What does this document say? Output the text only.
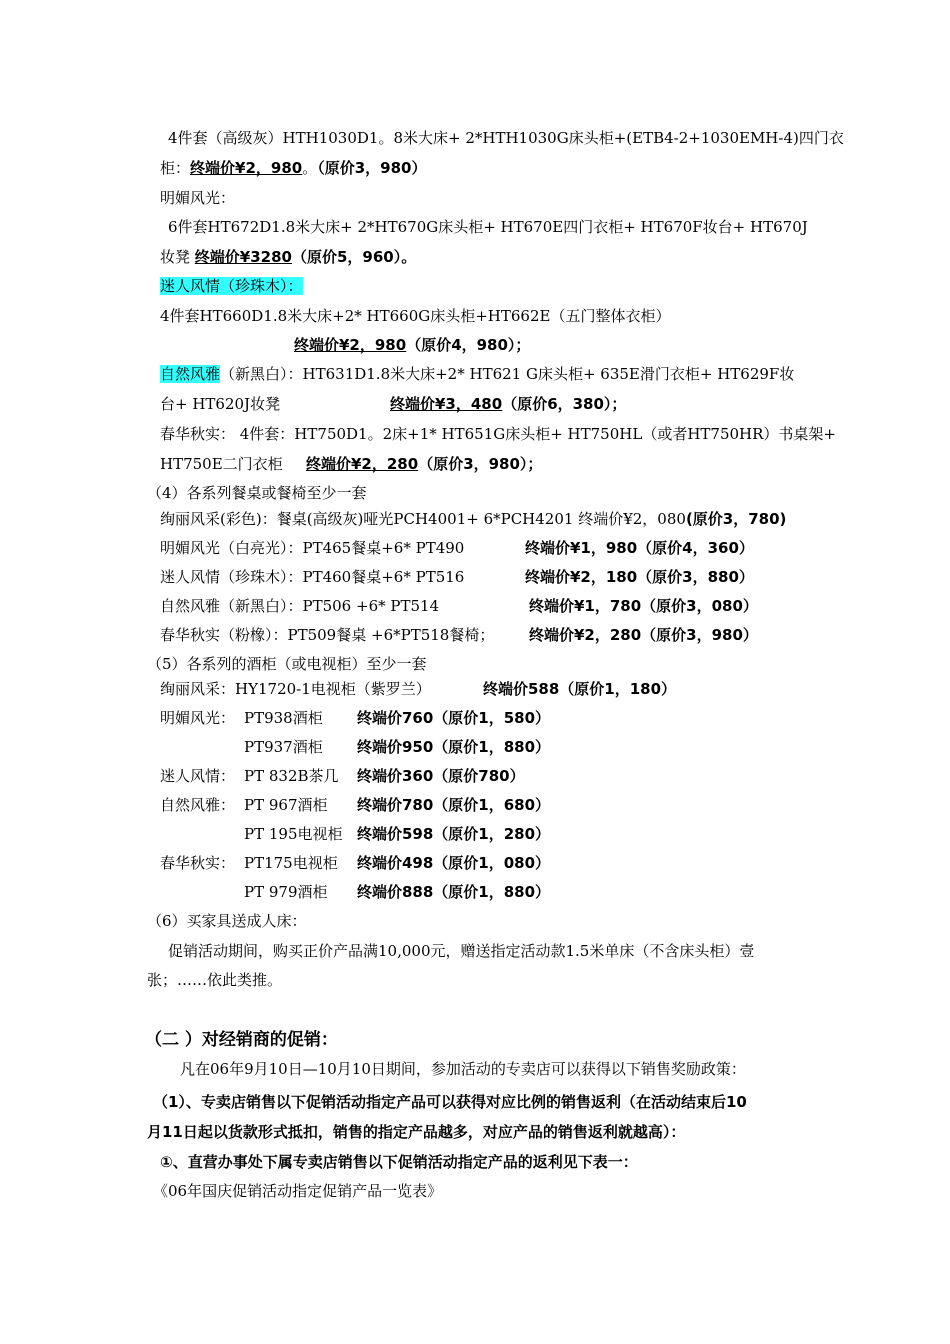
4件套（高级灰）HTH1030D1。8米大床+ 2*HTH1030G床头柜+(ETB4-2+1030EMH-4)四门衣
柜：终端价¥2，980。（原价3，980）
明媚风光：
6件套HT672D1.8米大床+ 2*HT670G床头柜+ HT670E四门衣柜+ HT670F妆台+ HT670J
妆凳 终端价¥3280（原价5，960）。
迷人风情（珍珠木）：
4件套HT660D1.8米大床+2* HT660G床头柜+HT662E（五门整体衣柜）
终端价¥2，980（原价4，980）；
自然风雅（新黑白）：HT631D1.8米大床+2* HT621 G床头柜+ 635E滑门衣柜+ HT629F妆
台+ HT620J妆凳	终端价¥3，480（原价6，380）；
春华秋实： 4件套：HT750D1。2床+1* HT651G床头柜+ HT750HL（或者HT750HR）书桌架+
HT750E二门衣柜 终端价¥2，280（原价3，980）；
（4）各系列餐桌或餐椅至少一套
绚丽风采(彩色)：餐桌(高级灰)哑光PCH4001+ 6*PCH4201 终端价¥2，080(原价3，780)
明媚风光（白亮光）：PT465餐桌+6* PT490	终端价¥1，980（原价4，360）
迷人风情（珍珠木）：PT460餐桌+6* PT516	终端价¥2，180（原价3，880）
自然风雅（新黑白）：PT506 +6* PT514	终端价¥1，780（原价3，080）
春华秋实（粉橡）：PT509餐桌 +6*PT518餐椅； 终端价¥2，280（原价3，980）
（5）各系列的酒柜（或电视柜）至少一套
绚丽风采：HY1720-1电视柜（紫罗兰）	终端价588（原价1，180）
明媚风光： PT938酒柜 终端价760（原价1，580）
PT937酒柜 终端价950（原价1，880）
迷人风情： PT 832B茶几 终端价360（原价780）
自然风雅： PT 967酒柜 终端价780（原价1，680）
PT 195电视柜 终端价598（原价1，280）
春华秋实： PT175电视柜 终端价498（原价1，080）
PT 979酒柜 终端价888（原价1，880）
（6）买家具送成人床：
促销活动期间，购买正价产品满10,000元，赠送指定活动款1.5米单床（不含床头柜）壹
张；……依此类推。
（二 ）对经销商的促销：
凡在06年9月10日—10月10日期间，参加活动的专卖店可以获得以下销售奖励政策：
（1）、专卖店销售以下促销活动指定产品可以获得对应比例的销售返利（在活动结束后10
月11日起以货款形式抵扣，销售的指定产品越多，对应产品的销售返利就越高）：
①、直营办事处下属专卖店销售以下促销活动指定产品的返利见下表一：
《06年国庆促销活动指定促销产品一览表》
